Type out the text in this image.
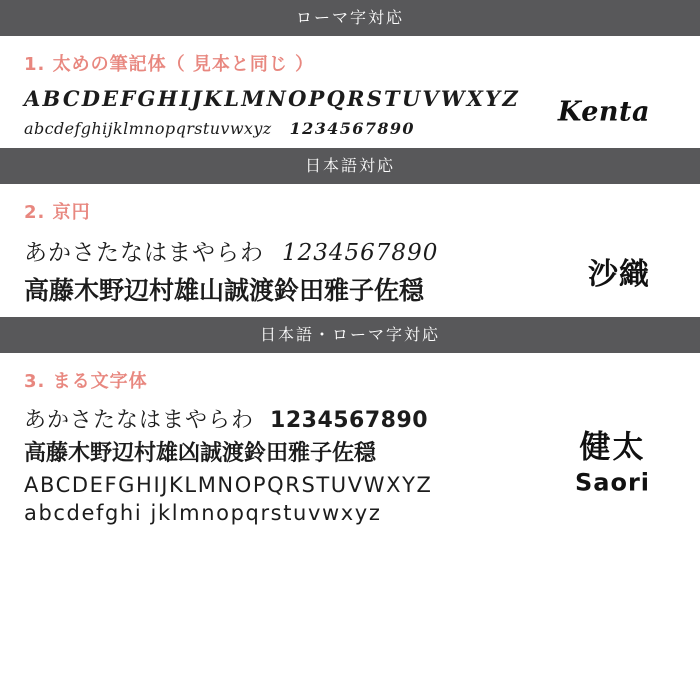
ローマ字対応
1. 太めの筆記体（ 見本と同じ ）
ABCDEFGHIJKLMNOPQRSTUVWXYZ
abcdefghijklmnopqrstuvwxyz 1234567890
Kenta
日本語対応
2. 京円
あかさたなはまやらわ 1234567890
高藤木野辺村雄山誠渡鈴田雅子佐穏	沙織
日本語・ローマ字対応
3. まる文字体
あかさたなはまやらわ 1234567890
高藤木野辺村雄凶誠渡鈴田雅子佐穏
ABCDEFGHIJKLMNOPQRSTUVWXYZ
abcdefghi jklmnopqrstuvwxyz
健太
Saori
